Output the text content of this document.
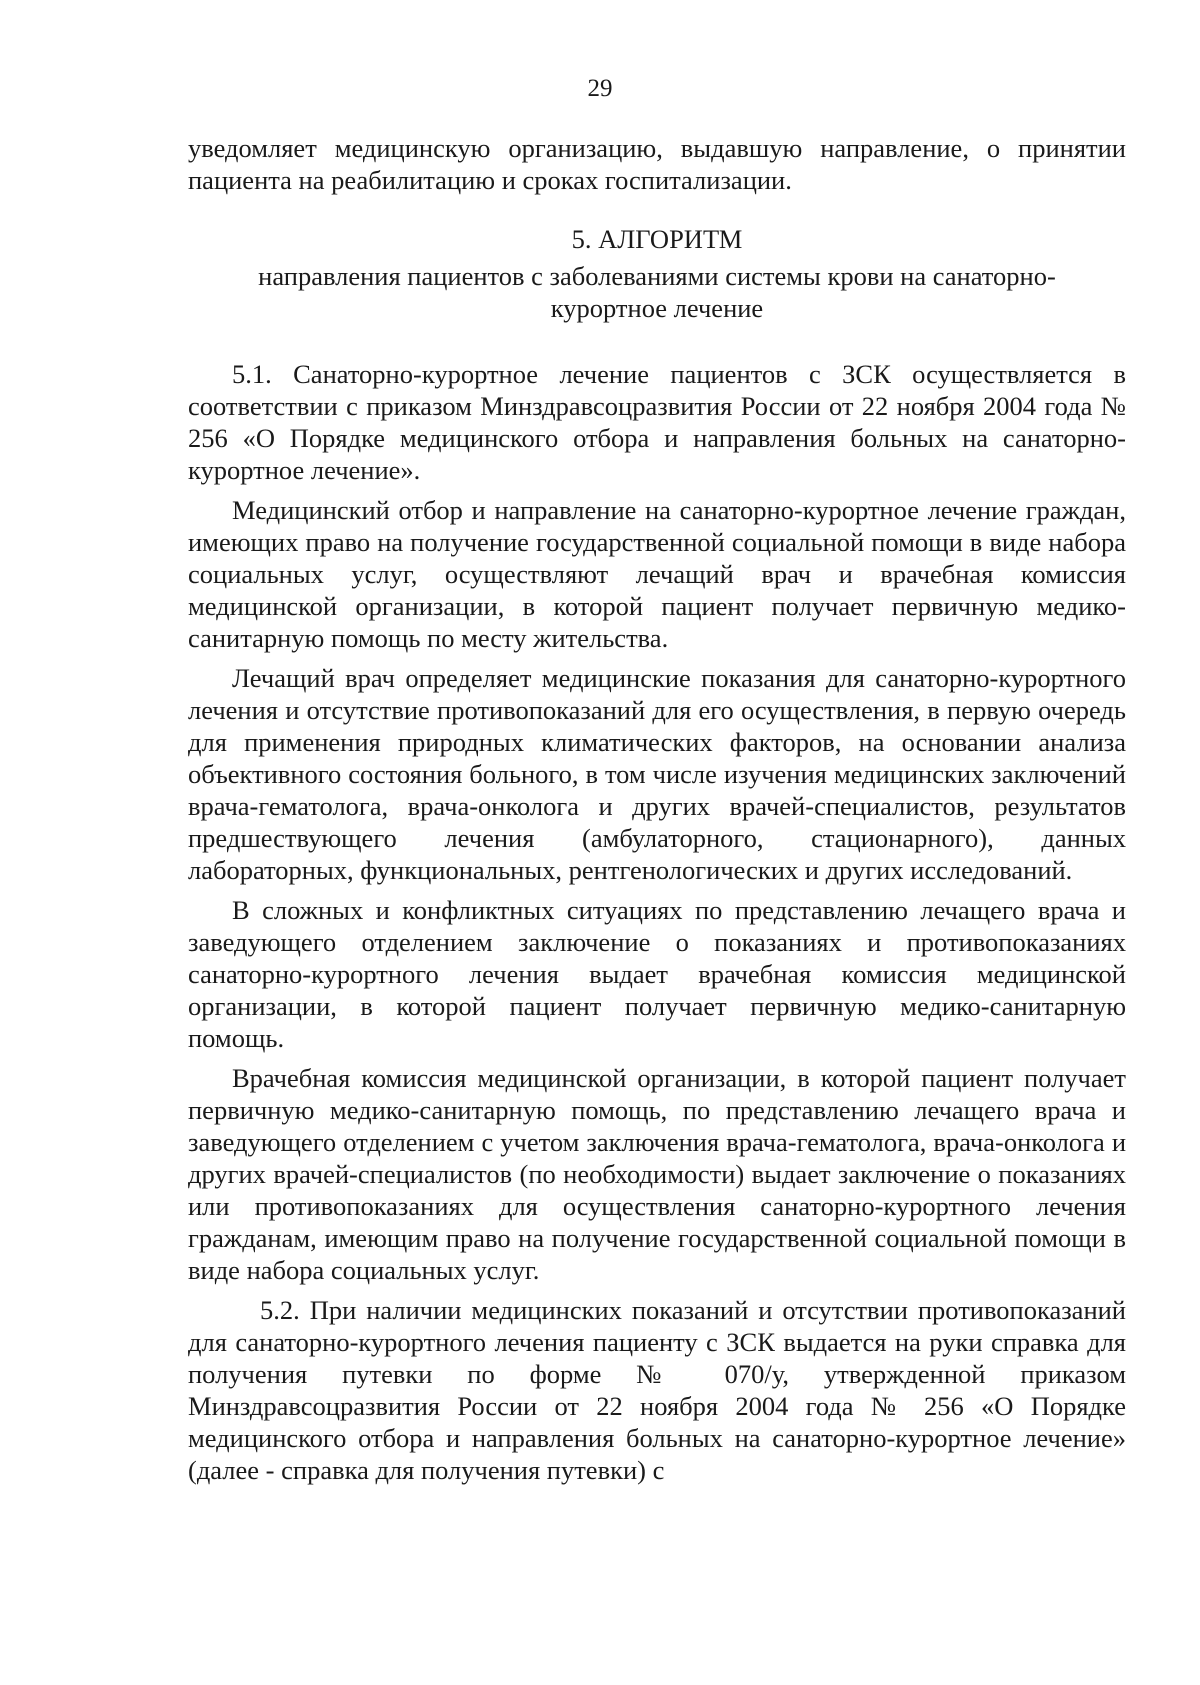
29

уведомляет медицинскую организацию, выдавшую направление, о принятии пациента на реабилитацию и сроках госпитализации.

5. АЛГОРИТМ
направления пациентов с заболеваниями системы крови на санаторно-курортное лечение

5.1. Санаторно-курортное лечение пациентов с ЗСК осуществляется в соответствии с приказом Минздравсоцразвития России от 22 ноября 2004 года № 256 «О Порядке медицинского отбора и направления больных на санаторно-курортное лечение».

Медицинский отбор и направление на санаторно-курортное лечение граждан, имеющих право на получение государственной социальной помощи в виде набора социальных услуг, осуществляют лечащий врач и врачебная комиссия медицинской организации, в которой пациент получает первичную медико-санитарную помощь по месту жительства.

Лечащий врач определяет медицинские показания для санаторно-курортного лечения и отсутствие противопоказаний для его осуществления, в первую очередь для применения природных климатических факторов, на основании анализа объективного состояния больного, в том числе изучения медицинских заключений врача-гематолога, врача-онколога и других врачей-специалистов, результатов предшествующего лечения (амбулаторного, стационарного), данных лабораторных, функциональных, рентгенологических и других исследований.

В сложных и конфликтных ситуациях по представлению лечащего врача и заведующего отделением заключение о показаниях и противопоказаниях санаторно-курортного лечения выдает врачебная комиссия медицинской организации, в которой пациент получает первичную медико-санитарную помощь.

Врачебная комиссия медицинской организации, в которой пациент получает первичную медико-санитарную помощь, по представлению лечащего врача и заведующего отделением с учетом заключения врача-гематолога, врача-онколога и других врачей-специалистов (по необходимости) выдает заключение о показаниях или противопоказаниях для осуществления санаторно-курортного лечения гражданам, имеющим право на получение государственной социальной помощи в виде набора социальных услуг.

5.2. При наличии медицинских показаний и отсутствии противопоказаний для санаторно-курортного лечения пациенту с ЗСК выдается на руки справка для получения путевки по форме № 070/у, утвержденной приказом Минздравсоцразвития России от 22 ноября 2004 года № 256 «О Порядке медицинского отбора и направления больных на санаторно-курортное лечение» (далее - справка для получения путевки) с
